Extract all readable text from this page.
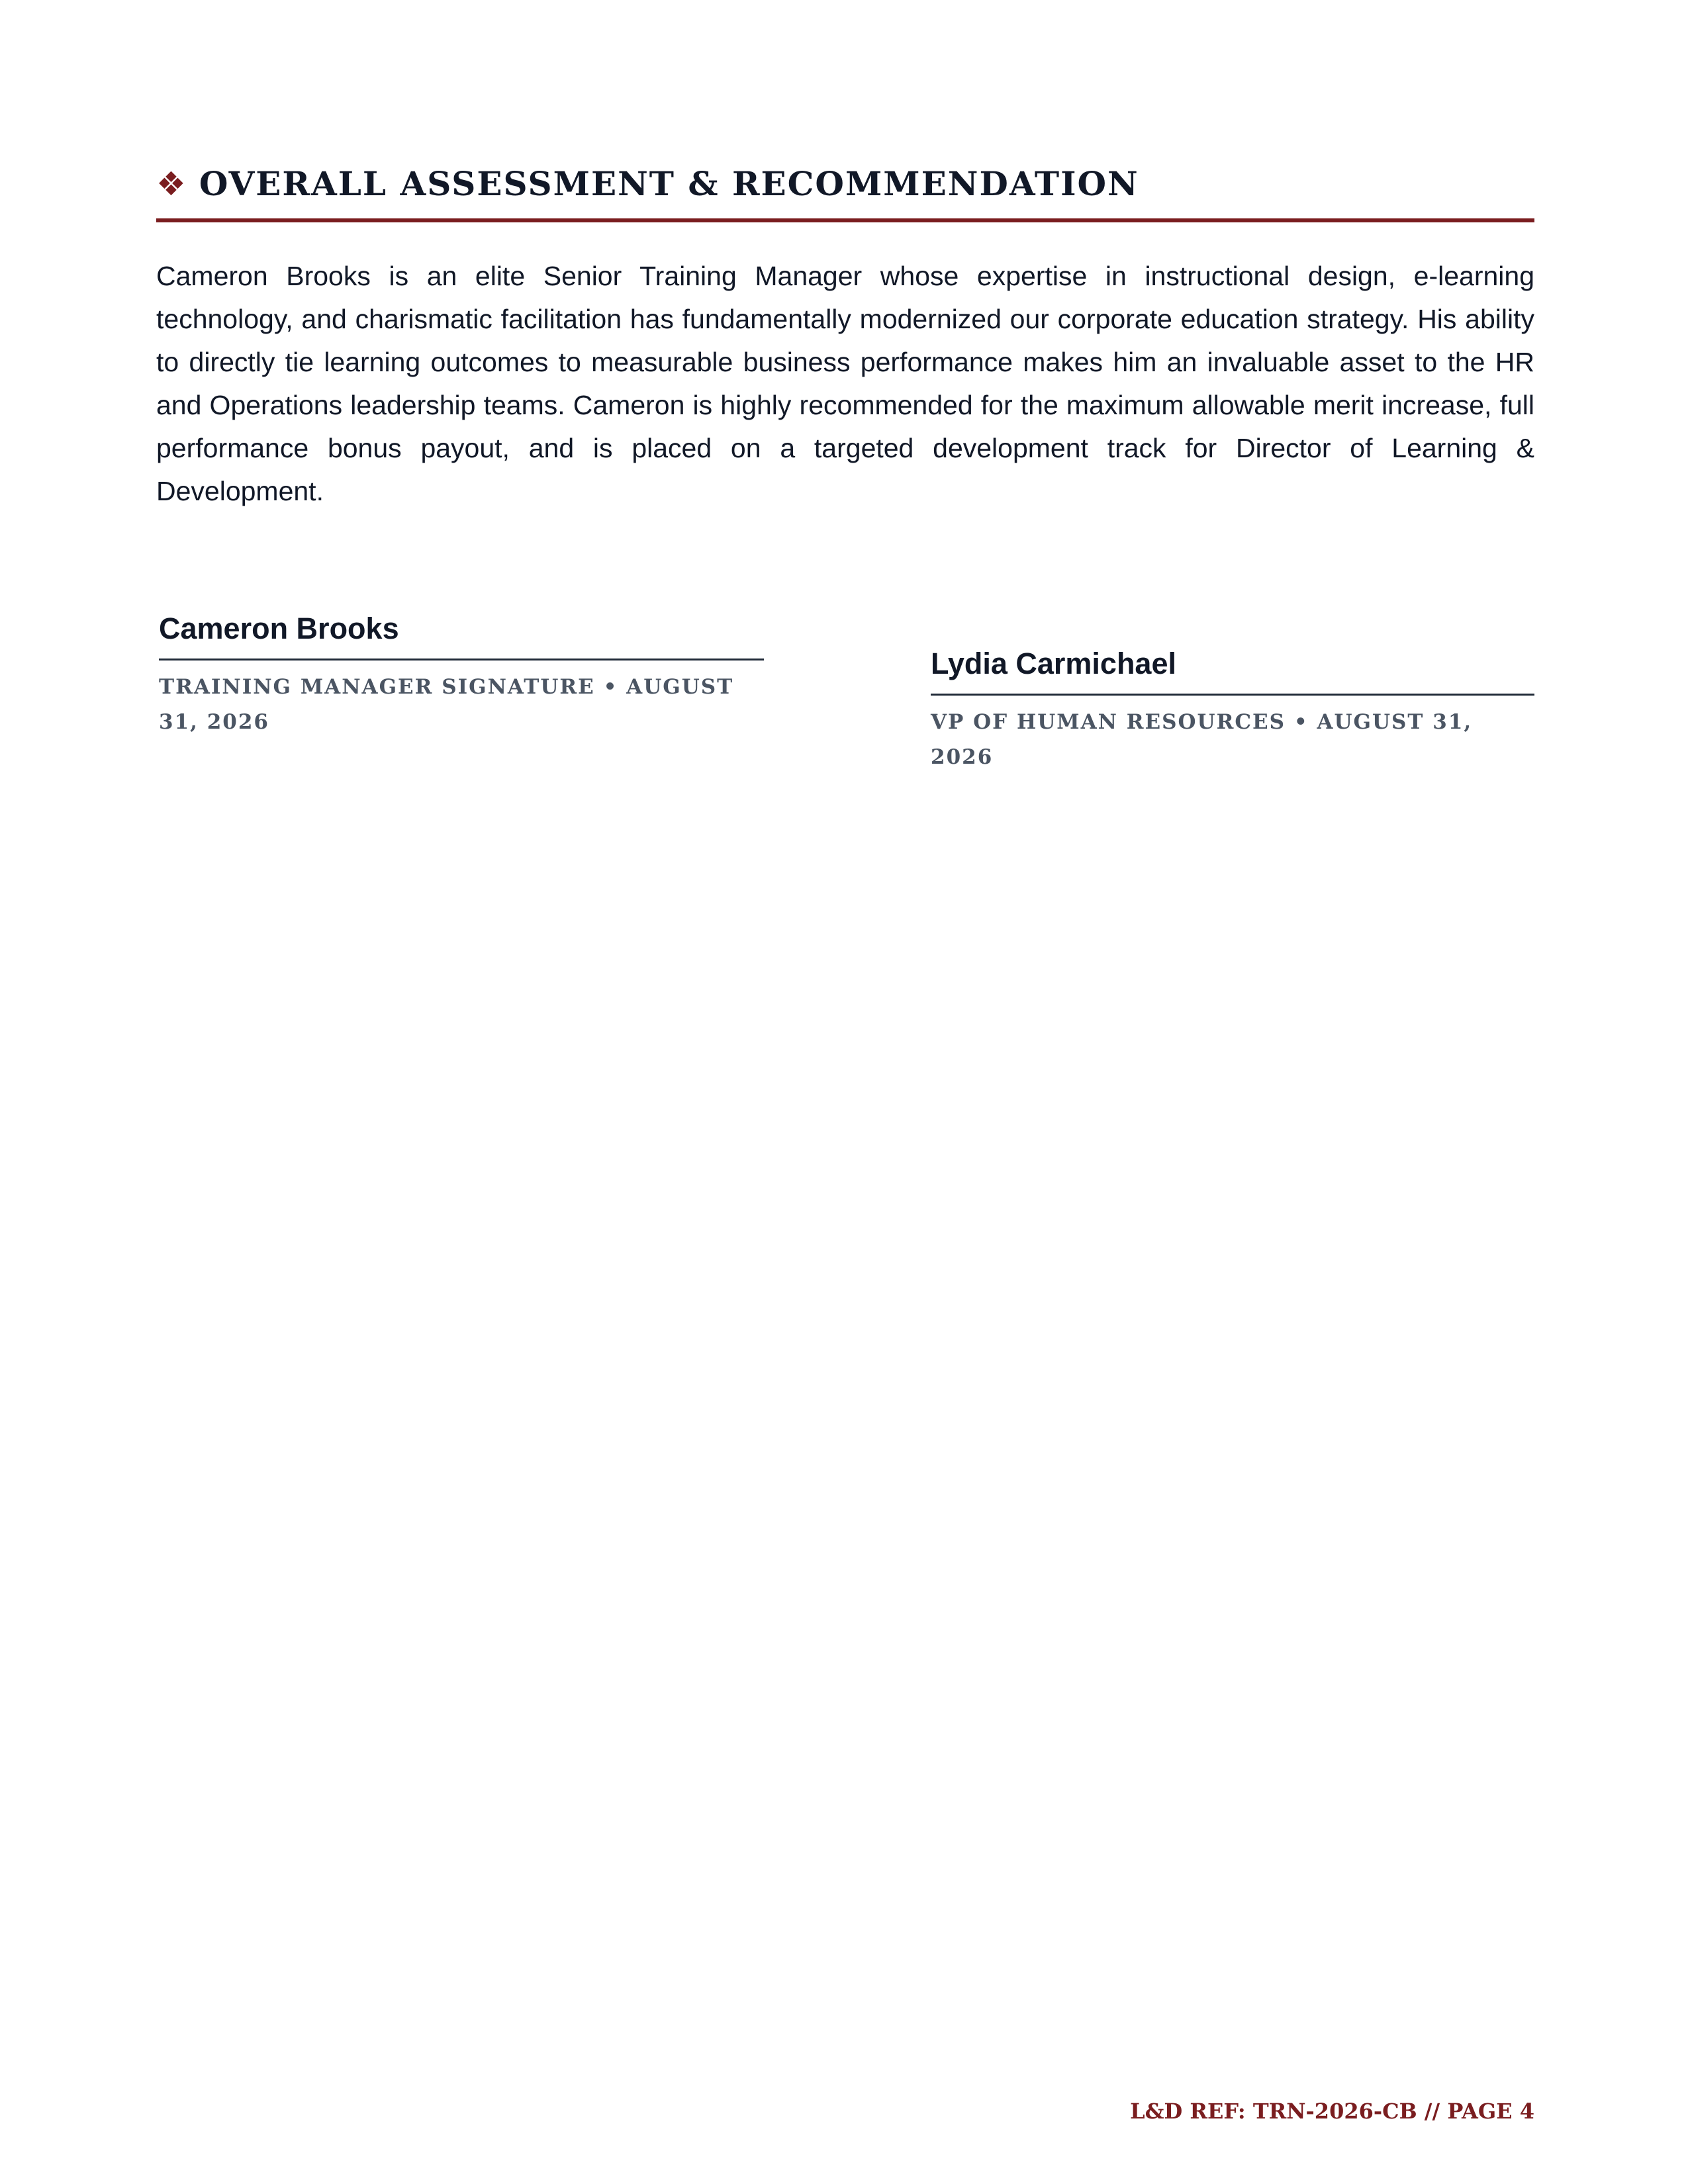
❖ OVERALL ASSESSMENT & RECOMMENDATION

Cameron Brooks is an elite Senior Training Manager whose expertise in instructional design, e-learning technology, and charismatic facilitation has fundamentally modernized our corporate education strategy. His ability to directly tie learning outcomes to measurable business performance makes him an invaluable asset to the HR and Operations leadership teams. Cameron is highly recommended for the maximum allowable merit increase, full performance bonus payout, and is placed on a targeted development track for Director of Learning & Development.

Cameron Brooks
TRAINING MANAGER SIGNATURE • AUGUST 31, 2026
Lydia Carmichael
VP OF HUMAN RESOURCES • AUGUST 31, 2026
L&D REF: TRN-2026-CB // PAGE 4
